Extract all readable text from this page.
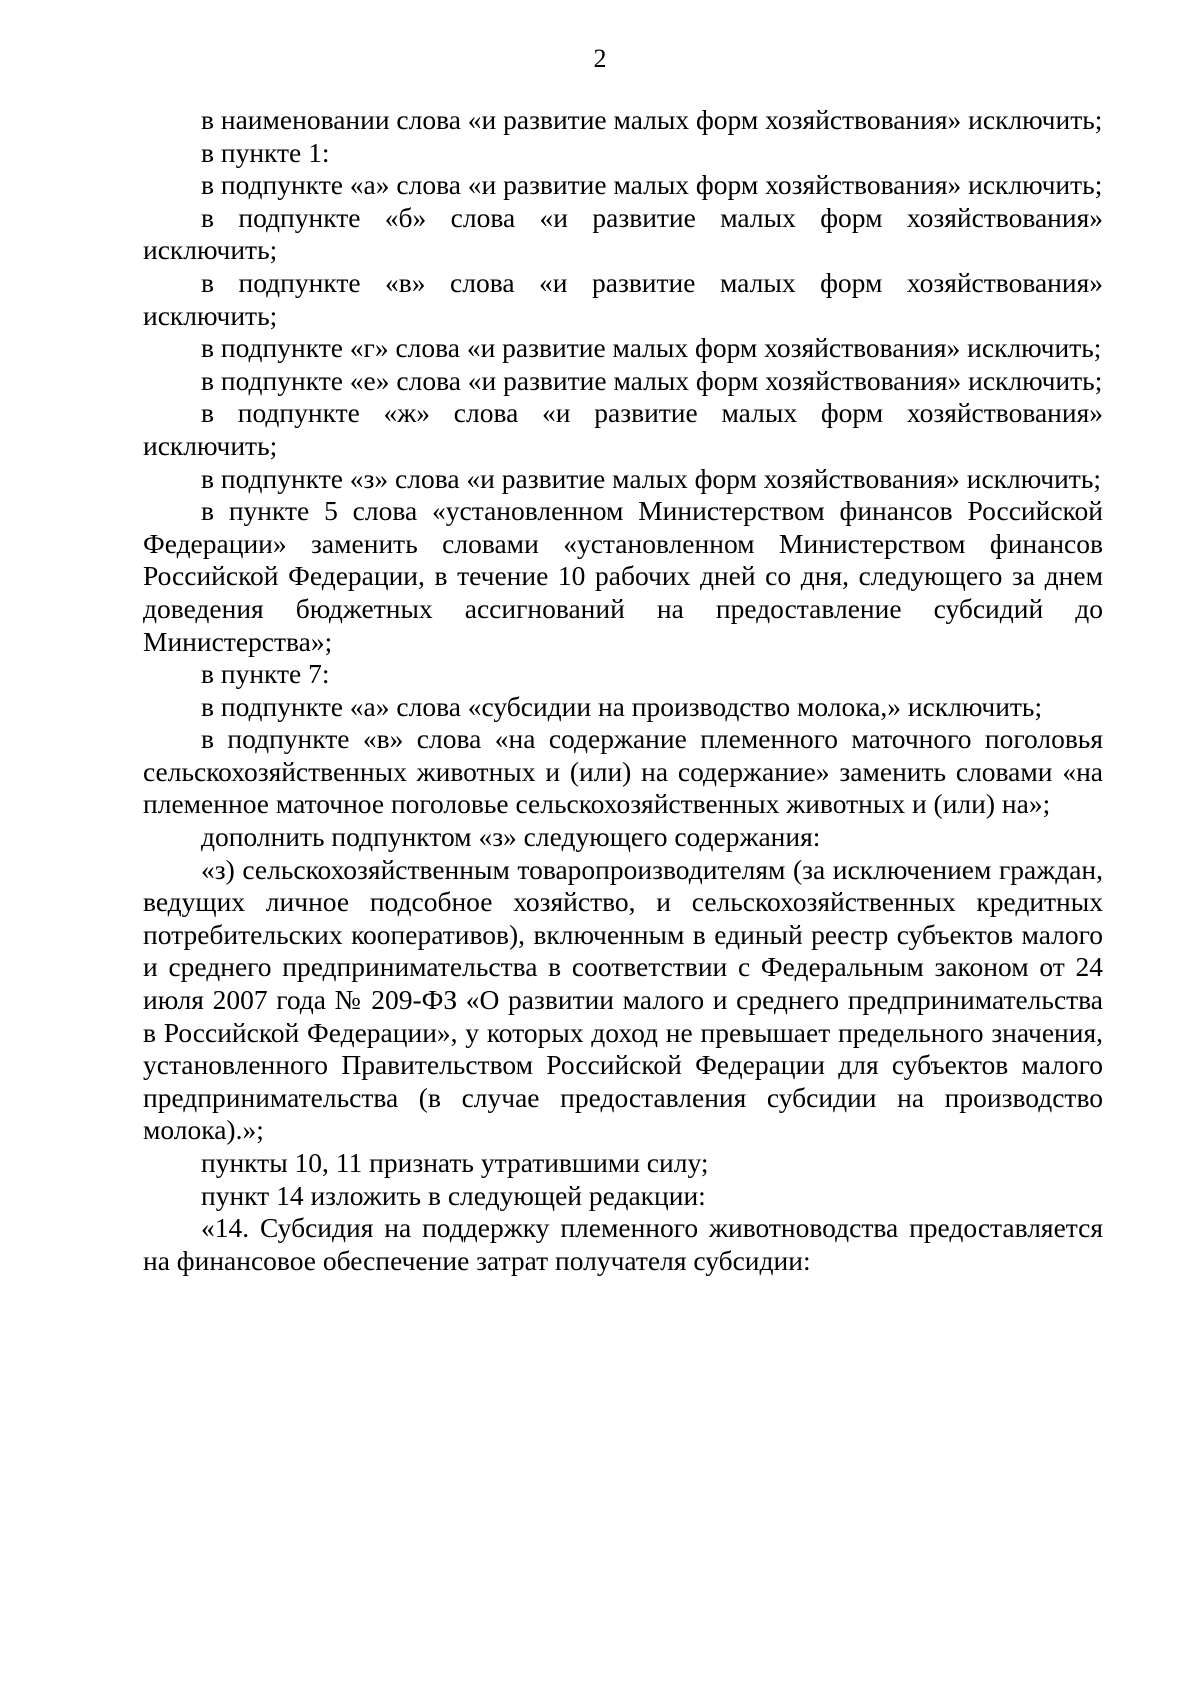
2

в наименовании слова «и развитие малых форм хозяйствования» исключить;

в пункте 1:

в подпункте «а» слова «и развитие малых форм хозяйствования» исключить;

в подпункте «б» слова «и развитие малых форм хозяйствования» исключить;

в подпункте «в» слова «и развитие малых форм хозяйствования» исключить;

в подпункте «г» слова «и развитие малых форм хозяйствования» исключить;

в подпункте «е» слова «и развитие малых форм хозяйствования» исключить;

в подпункте «ж» слова «и развитие малых форм хозяйствования» исключить;

в подпункте «з» слова «и развитие малых форм хозяйствования» исключить;

в пункте 5 слова «установленном Министерством финансов Российской Федерации» заменить словами «установленном Министерством финансов Российской Федерации, в течение 10 рабочих дней со дня, следующего за днем доведения бюджетных ассигнований на предоставление субсидий до Министерства»;

в пункте 7:

в подпункте «а» слова «субсидии на производство молока,» исключить;

в подпункте «в» слова «на содержание племенного маточного поголовья сельскохозяйственных животных и (или) на содержание» заменить словами «на племенное маточное поголовье сельскохозяйственных животных и (или) на»;

дополнить подпунктом «з» следующего содержания:

«з) сельскохозяйственным товаропроизводителям (за исключением граждан, ведущих личное подсобное хозяйство, и сельскохозяйственных кредитных потребительских кооперативов), включенным в единый реестр субъектов малого и среднего предпринимательства в соответствии с Федеральным законом от 24 июля 2007 года № 209-ФЗ «О развитии малого и среднего предпринимательства в Российской Федерации», у которых доход не превышает предельного значения, установленного Правительством Российской Федерации для субъектов малого предпринимательства (в случае предоставления субсидии на производство молока).»;

пункты 10, 11 признать утратившими силу;

пункт 14 изложить в следующей редакции:

«14. Субсидия на поддержку племенного животноводства предоставляется на финансовое обеспечение затрат получателя субсидии:
